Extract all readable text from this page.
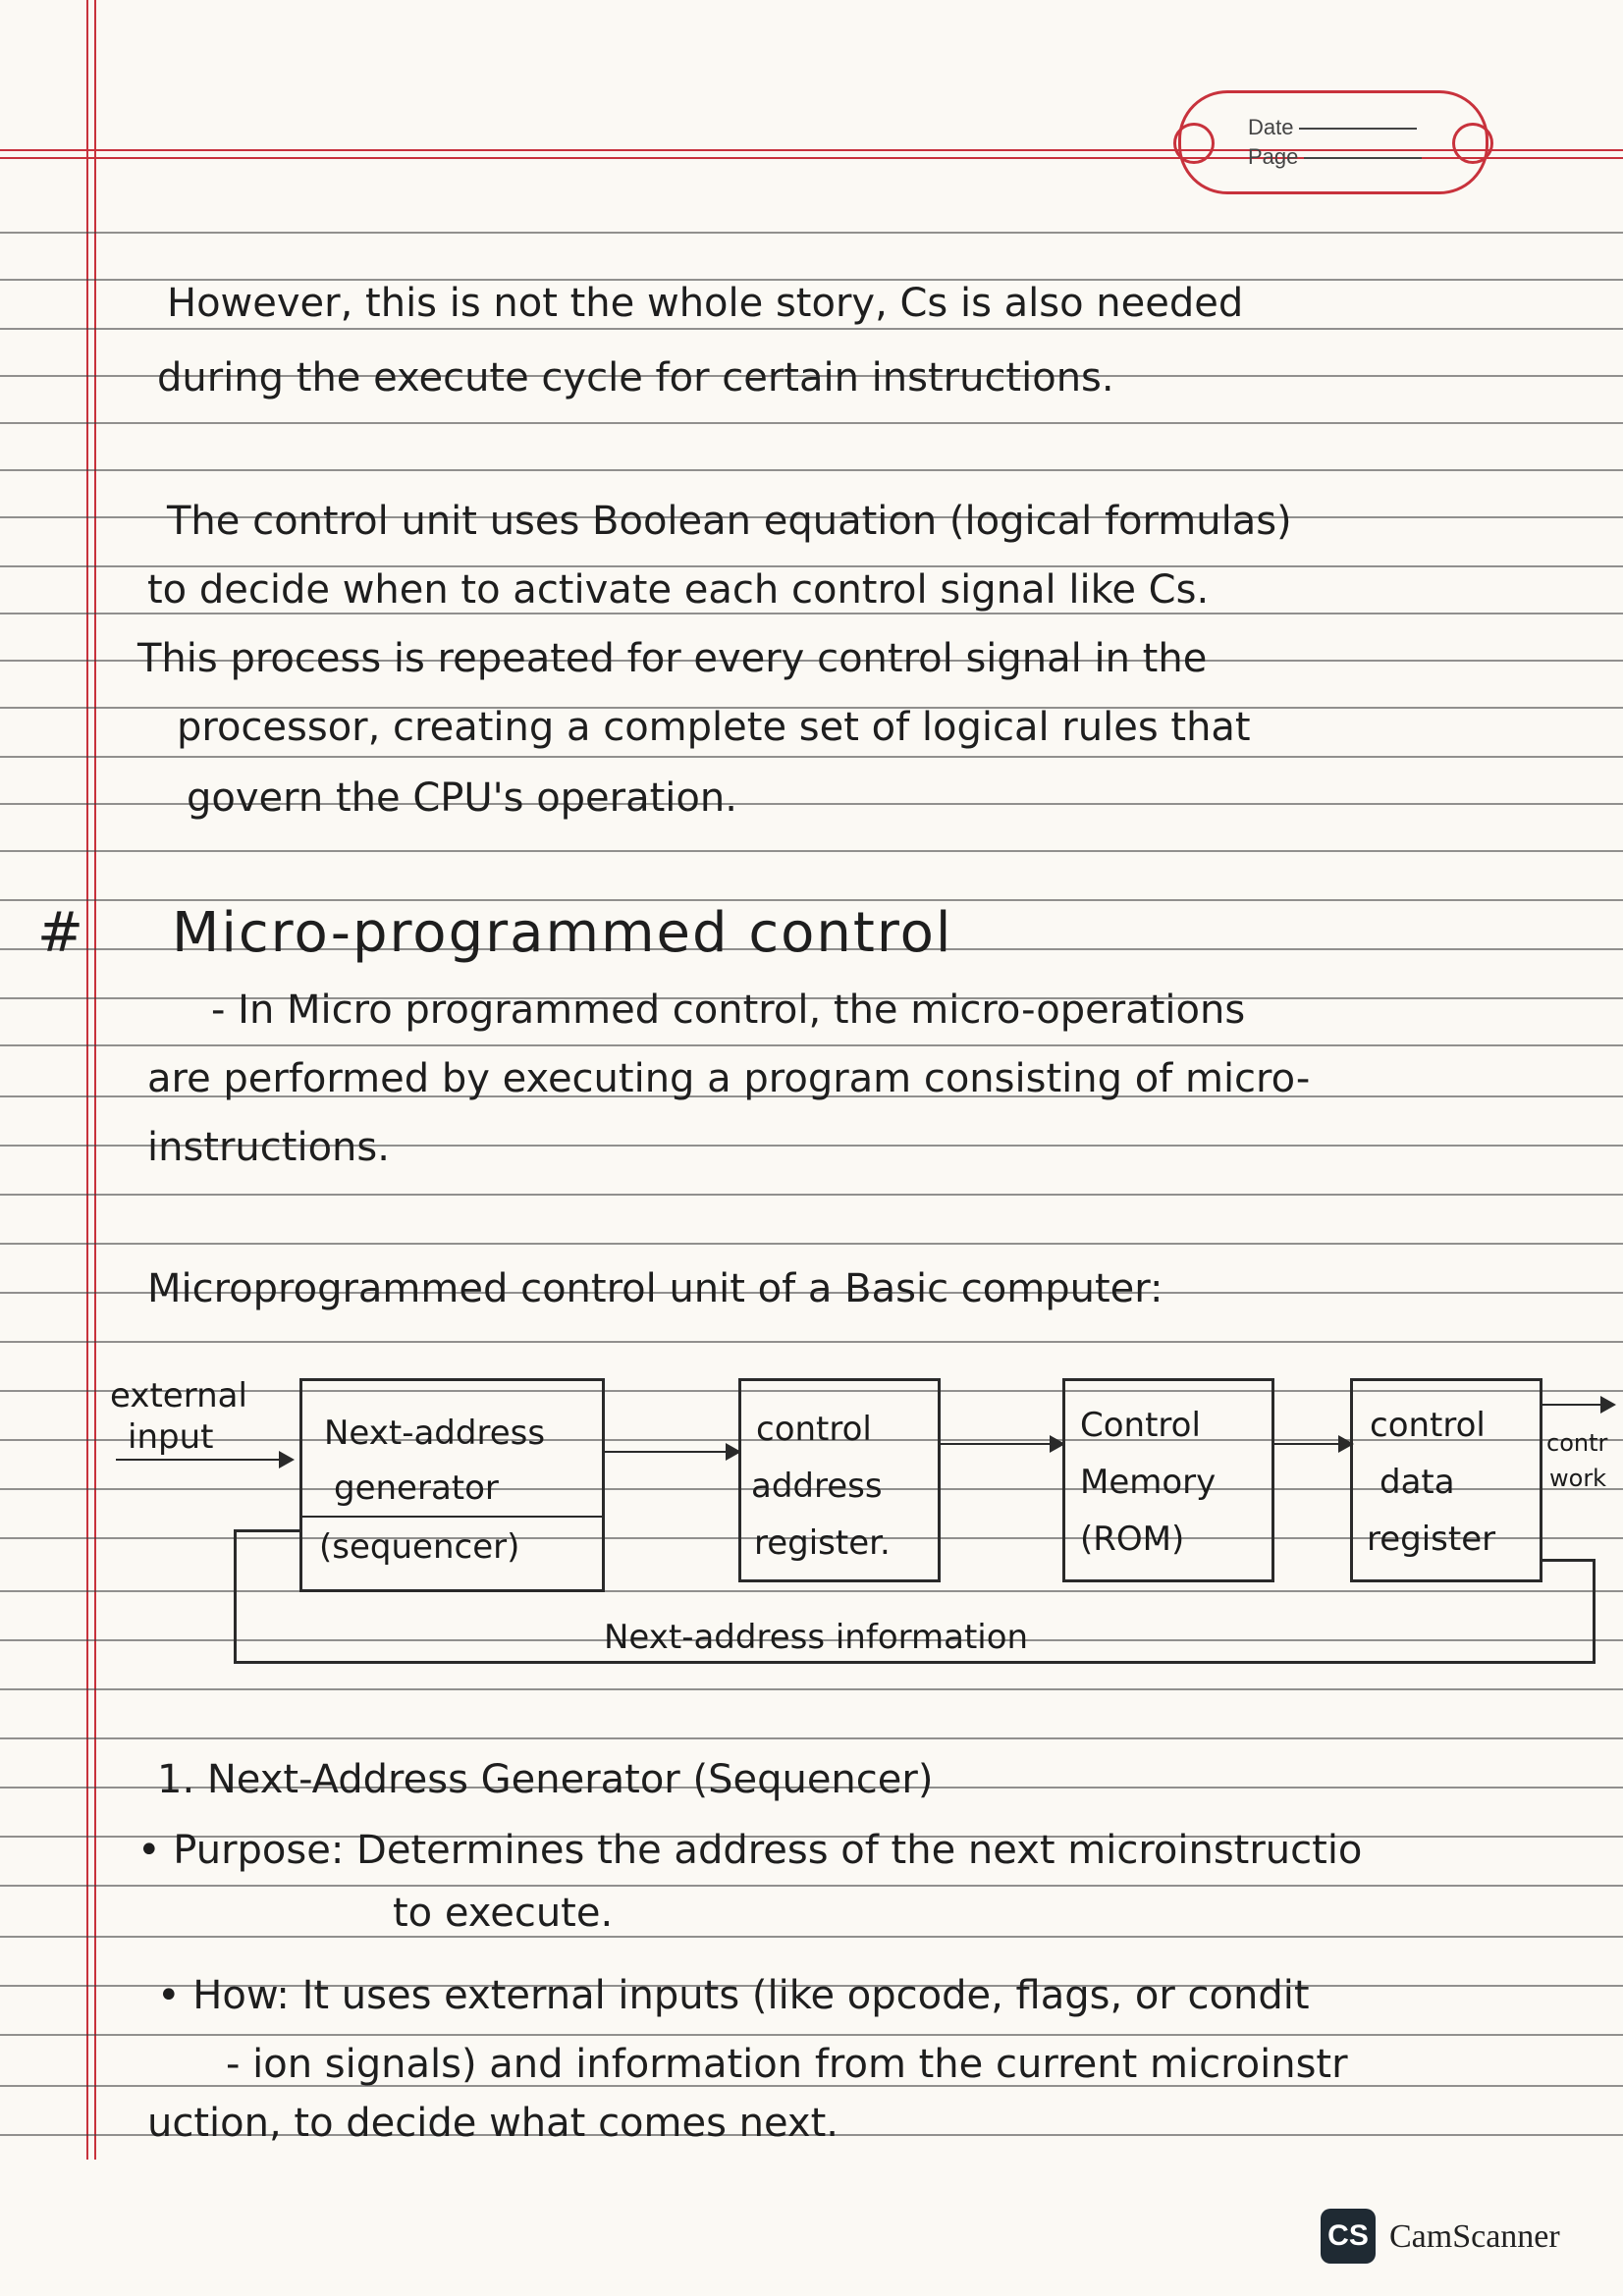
Date
Page
However, this is not the whole story, Cs is also needed
during the execute cycle for certain instructions.
The control unit uses Boolean equation (logical formulas)
to decide when to activate each control signal like Cs.
This process is repeated for every control signal in the
processor, creating a complete set of logical rules that
govern the CPU's operation.
# Micro-programmed control
- In Micro programmed control, the micro-operations
are performed by executing a program consisting of micro-
instructions.
Microprogrammed control unit of a Basic computer:
external
input	Next-address
generator
(sequencer)
control
address
register.
Control
Memory
(ROM)
control
data
register
contr
work
Next-address information
1. Next-Address Generator (Sequencer)
• Purpose: Determines the address of the next microinstructio
to execute.
• How: It uses external inputs (like opcode, flags, or condit
- ion signals) and information from the current microinstr
uction, to decide what comes next.
CS CamScanner
